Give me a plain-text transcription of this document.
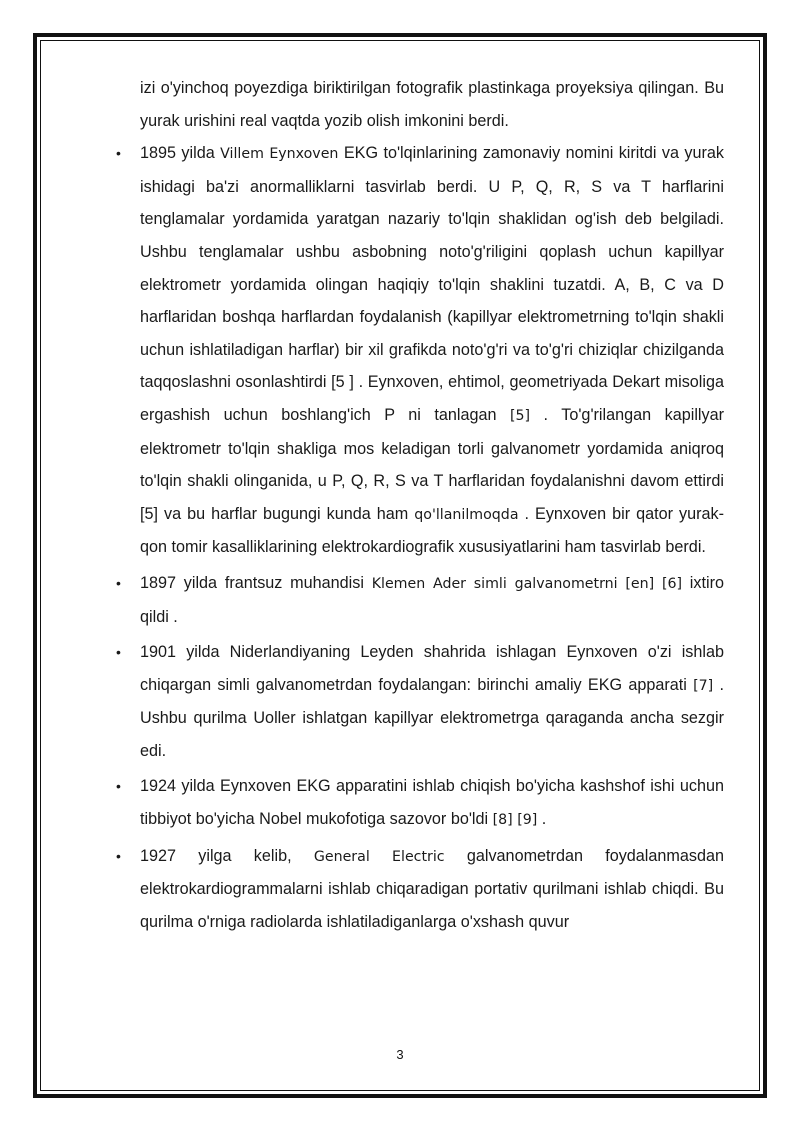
izi o'yinchoq poyezdiga biriktirilgan fotografik plastinkaga proyeksiya qilingan. Bu yurak urishini real vaqtda yozib olish imkonini berdi.

• 1895 yilda Villem Eynxoven EKG to'lqinlarining zamonaviy nomini kiritdi va yurak ishidagi ba'zi anormalliklarni tasvirlab berdi. U P, Q, R, S va T harflarini tenglamalar yordamida yaratgan nazariy to'lqin shaklidan og'ish deb belgiladi. Ushbu tenglamalar ushbu asbobning noto'g'riligini qoplash uchun kapillyar elektrometr yordamida olingan haqiqiy to'lqin shaklini tuzatdi. A, B, C va D harflaridan boshqa harflardan foydalanish (kapillyar elektrometrning to'lqin shakli uchun ishlatiladigan harflar) bir xil grafikda noto'g'ri va to'g'ri chiziqlar chizilganda taqqoslashni osonlashtirdi [5 ] . Eynxoven, ehtimol, geometriyada Dekart misoliga ergashish uchun boshlang'ich P ni tanlagan [5] . To'g'rilangan kapillyar elektrometr to'lqin shakliga mos keladigan torli galvanometr yordamida aniqroq to'lqin shakli olinganida, u P, Q, R, S va T harflaridan foydalanishni davom ettirdi [5] va bu harflar bugungi kunda ham qo'llanilmoqda . Eynxoven bir qator yurak-qon tomir kasalliklarining elektrokardiografik xususiyatlarini ham tasvirlab berdi.
• 1897 yilda frantsuz muhandisi Klemen Ader simli galvanometrni [en] [6] ixtiro qildi .
• 1901 yilda Niderlandiyaning Leyden shahrida ishlagan Eynxoven o'zi ishlab chiqargan simli galvanometrdan foydalangan: birinchi amaliy EKG apparati [7] . Ushbu qurilma Uoller ishlatgan kapillyar elektrometrga qaraganda ancha sezgir edi.
• 1924 yilda Eynxoven EKG apparatini ishlab chiqish bo'yicha kashshof ishi uchun tibbiyot bo'yicha Nobel mukofotiga sazovor bo'ldi [8] [9] .
• 1927 yilga kelib, General Electric galvanometrdan foydalanmasdan elektrokardiogrammalarni ishlab chiqaradigan portativ qurilmani ishlab chiqdi. Bu qurilma o'rniga radiolarda ishlatiladiganlarga o'xshash quvur
3
